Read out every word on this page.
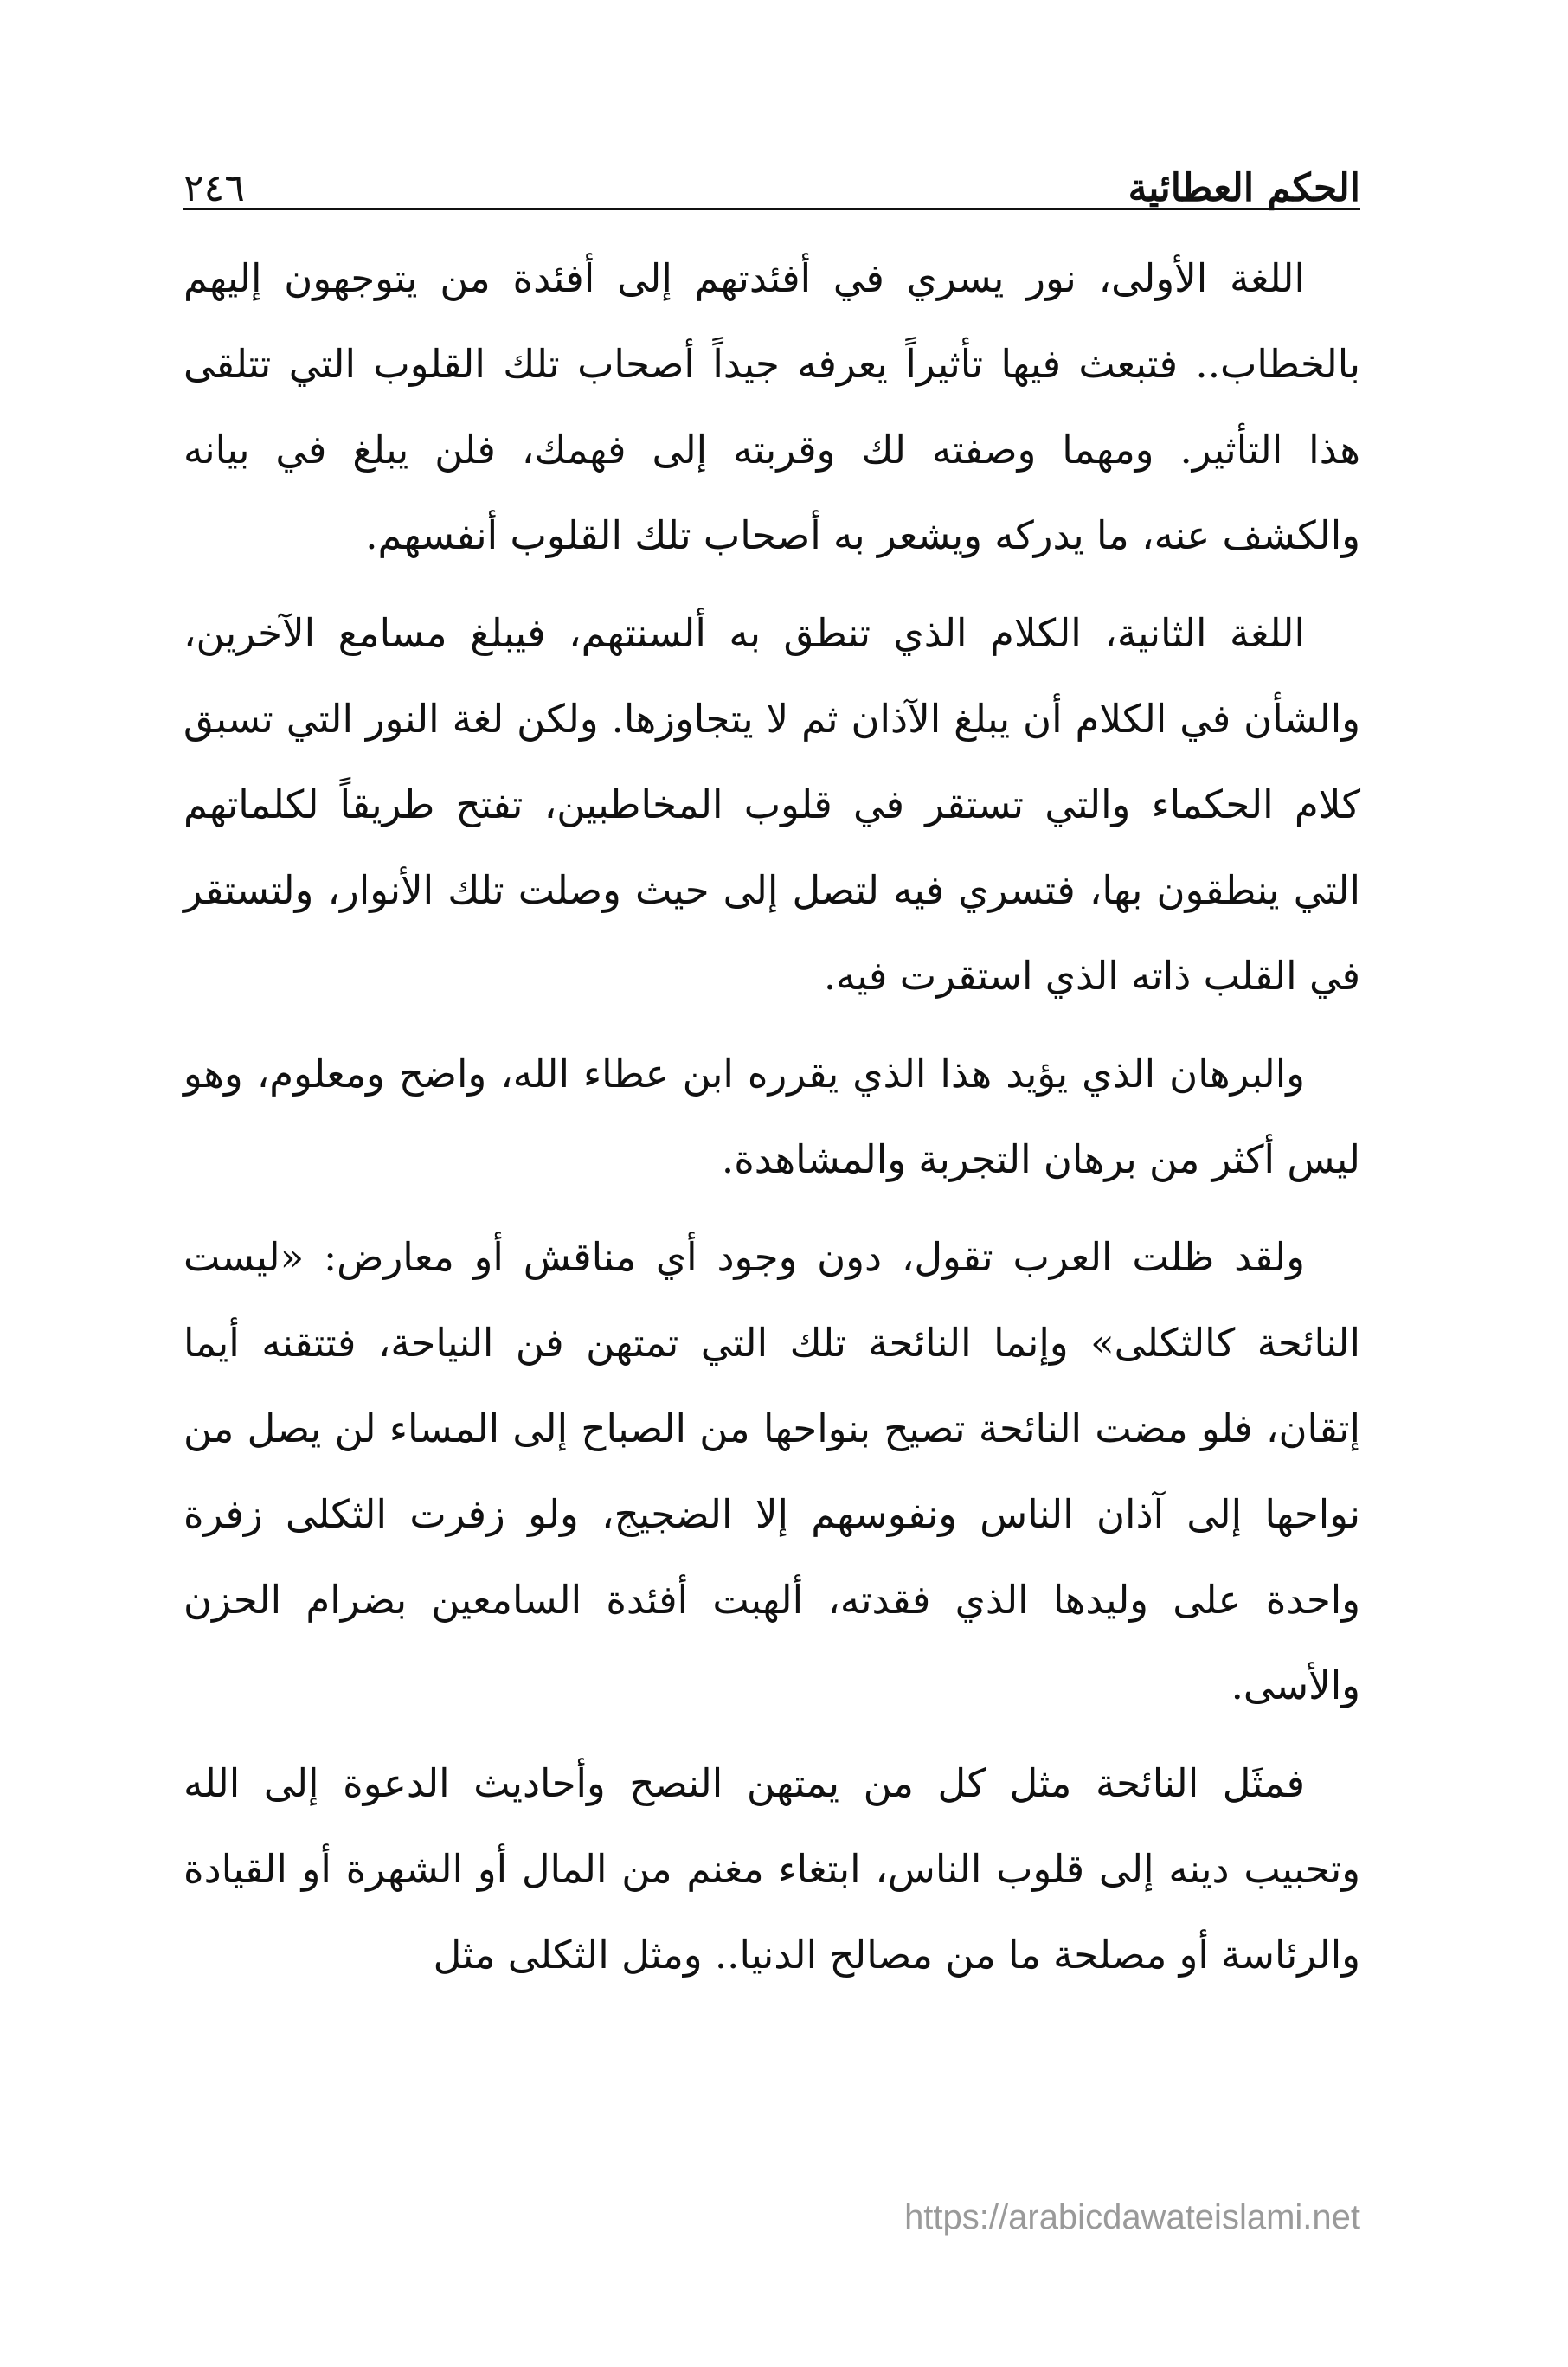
الحكم العطائية
٢٤٦

اللغة الأولى، نور يسري في أفئدتهم إلى أفئدة من يتوجهون إليهم بالخطاب.. فتبعث فيها تأثيراً يعرفه جيداً أصحاب تلك القلوب التي تتلقى هذا التأثير. ومهما وصفته لك وقربته إلى فهمك، فلن يبلغ في بيانه والكشف عنه، ما يدركه ويشعر به أصحاب تلك القلوب أنفسهم.

اللغة الثانية، الكلام الذي تنطق به ألسنتهم، فيبلغ مسامع الآخرين، والشأن في الكلام أن يبلغ الآذان ثم لا يتجاوزها. ولكن لغة النور التي تسبق كلام الحكماء والتي تستقر في قلوب المخاطبين، تفتح طريقاً لكلماتهم التي ينطقون بها، فتسري فيه لتصل إلى حيث وصلت تلك الأنوار، ولتستقر في القلب ذاته الذي استقرت فيه.

والبرهان الذي يؤيد هذا الذي يقرره ابن عطاء الله، واضح ومعلوم، وهو ليس أكثر من برهان التجربة والمشاهدة.

ولقد ظلت العرب تقول، دون وجود أي مناقش أو معارض: «ليست النائحة كالثكلى» وإنما النائحة تلك التي تمتهن فن النياحة، فتتقنه أيما إتقان، فلو مضت النائحة تصيح بنواحها من الصباح إلى المساء لن يصل من نواحها إلى آذان الناس ونفوسهم إلا الضجيج، ولو زفرت الثكلى زفرة واحدة على وليدها الذي فقدته، ألهبت أفئدة السامعين بضرام الحزن والأسى.

فمثَل النائحة مثل كل من يمتهن النصح وأحاديث الدعوة إلى الله وتحبيب دينه إلى قلوب الناس، ابتغاء مغنم من المال أو الشهرة أو القيادة والرئاسة أو مصلحة ما من مصالح الدنيا.. ومثل الثكلى مثل

https://arabicdawateislami.net
